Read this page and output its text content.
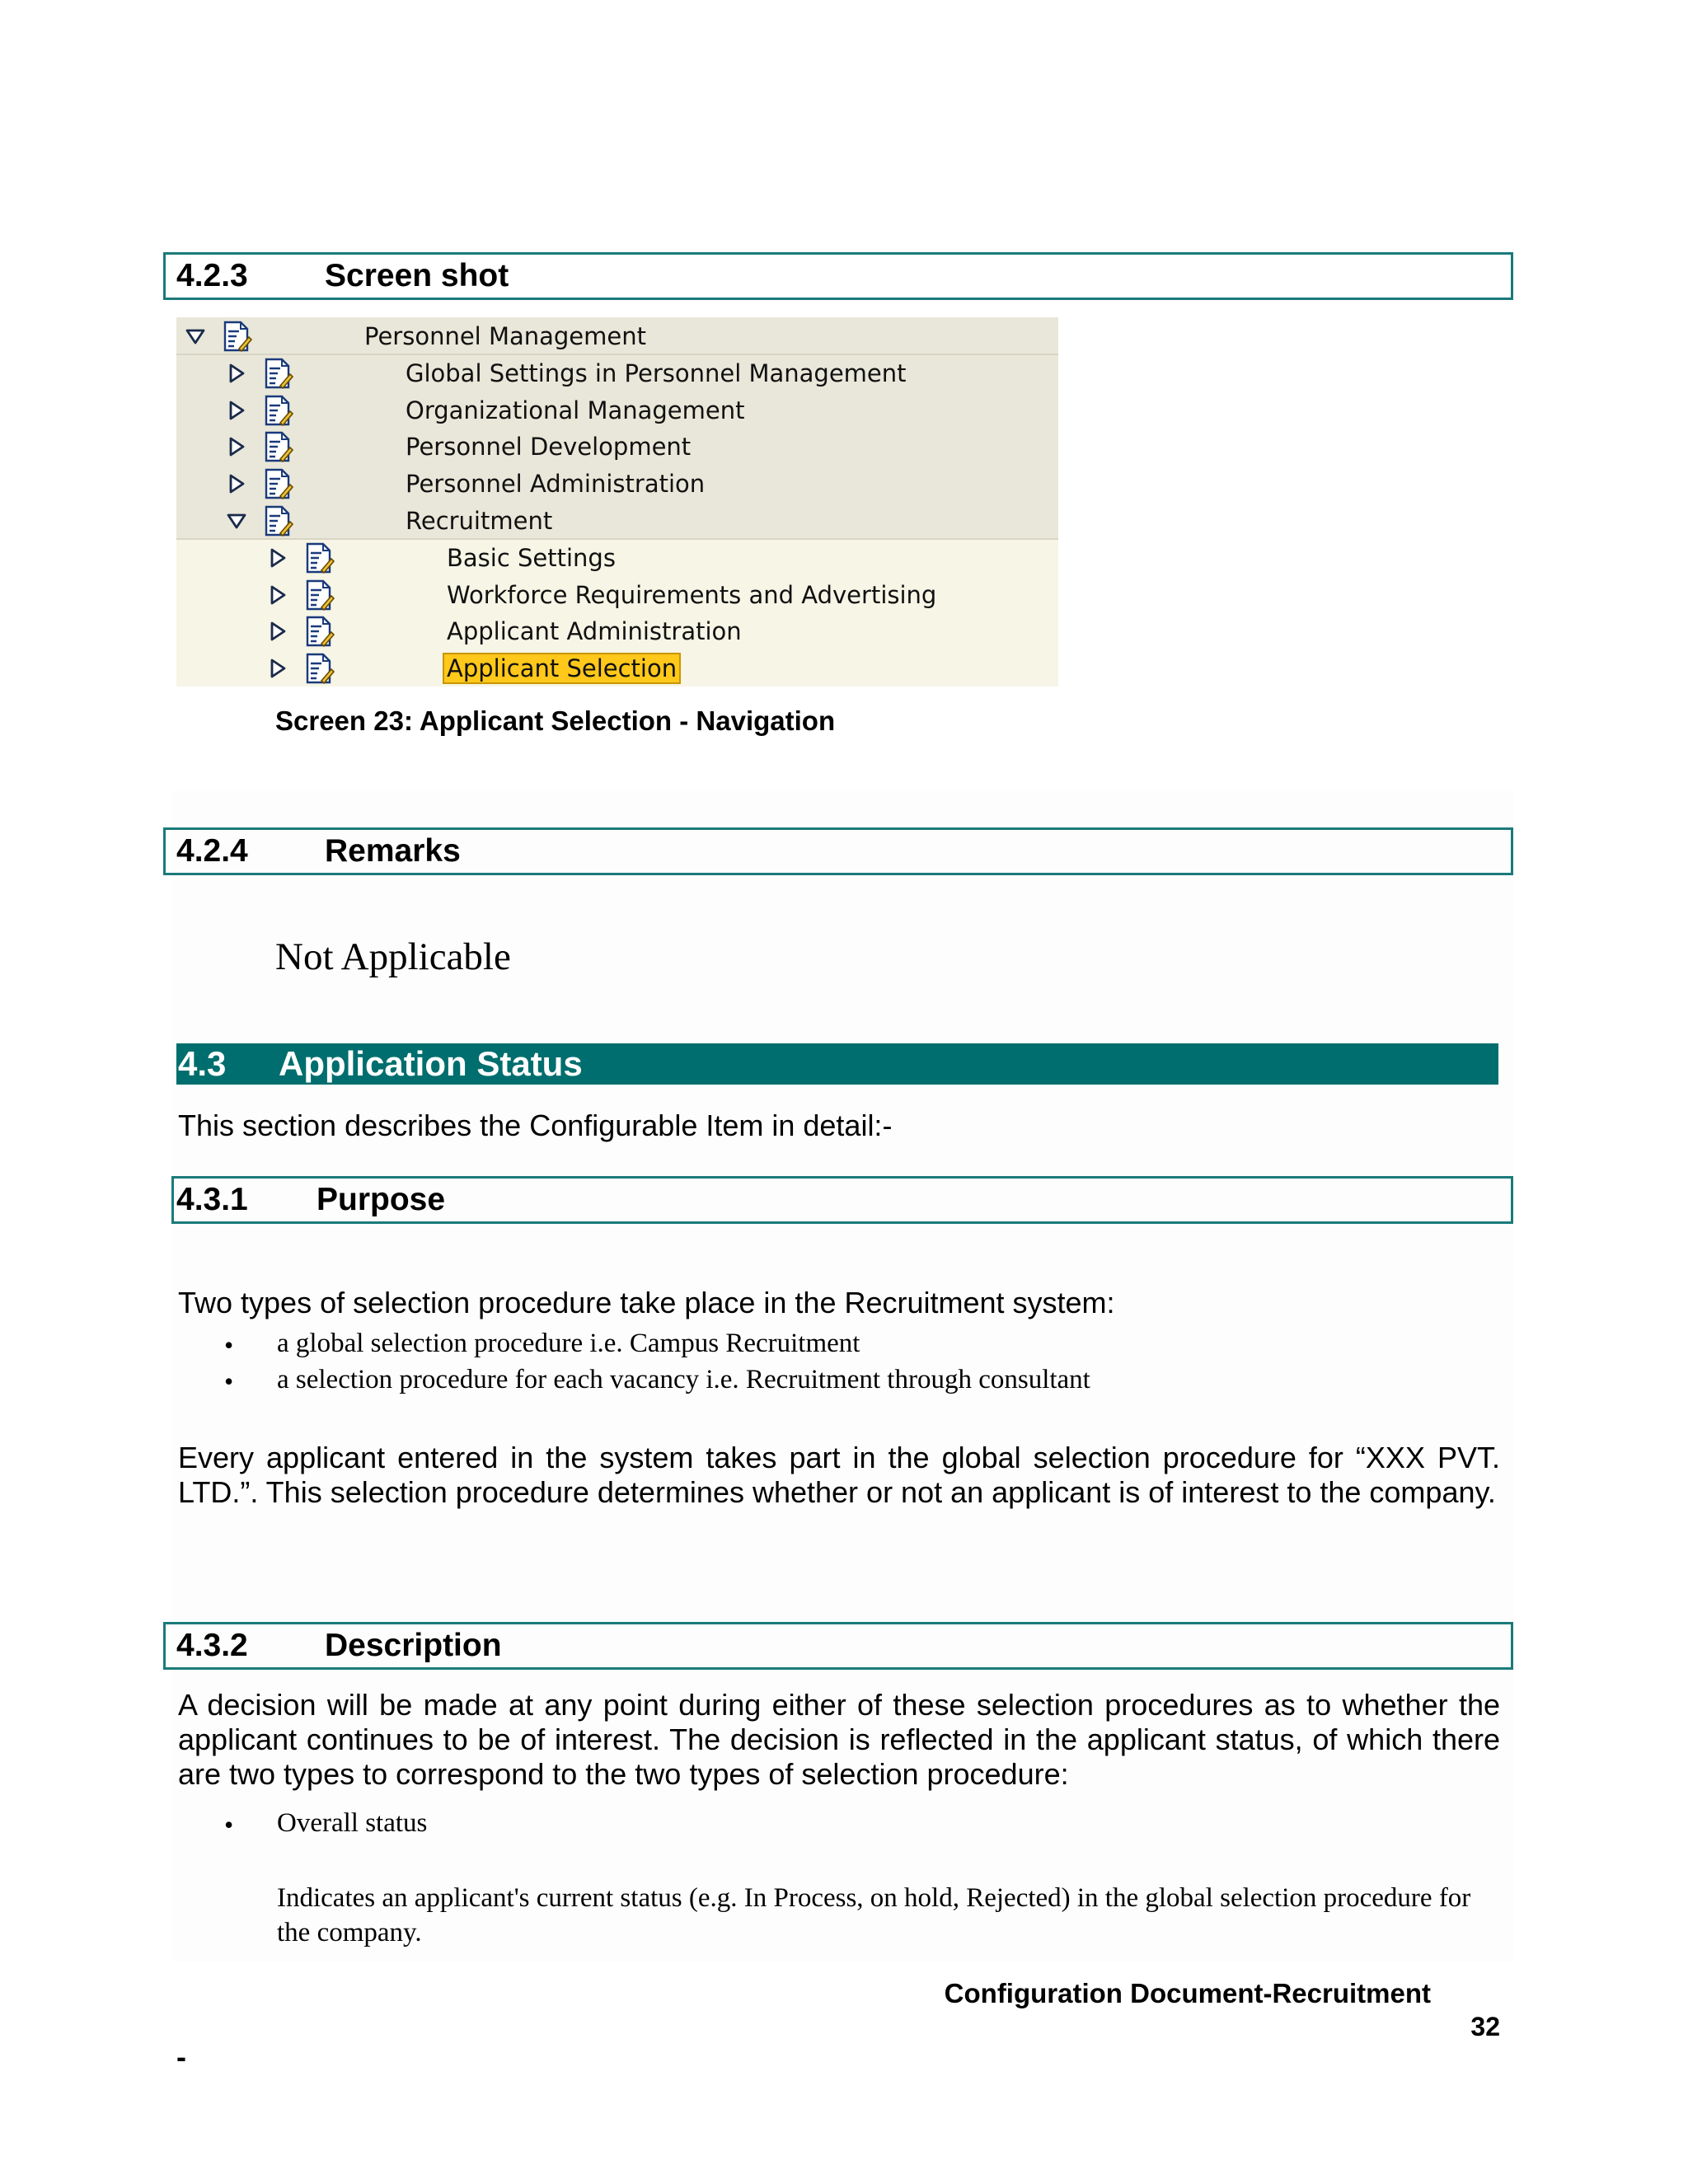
4.2.3	Screen shot
Personnel Management
Global Settings in Personnel Management
Organizational Management
Personnel Development
Personnel Administration
Recruitment
Basic Settings
Workforce Requirements and Advertising
Applicant Administration
Applicant Selection
Screen 23: Applicant Selection - Navigation
4.2.4	Remarks
Not Applicable
4.3	Application Status
This section describes the Configurable Item in detail:-
4.3.1	Purpose
Two types of selection procedure take place in the Recruitment system:
• a global selection procedure i.e. Campus Recruitment
• a selection procedure for each vacancy i.e. Recruitment through consultant
Every applicant entered in the system takes part in the global selection procedure for “XXX PVT. LTD.”. This selection procedure determines whether or not an applicant is of interest to the company.
4.3.2	Description
A decision will be made at any point during either of these selection procedures as to whether the applicant continues to be of interest. The decision is reflected in the applicant status, of which there are two types to correspond to the two types of selection procedure:
• Overall status
Indicates an applicant's current status (e.g. In Process, on hold, Rejected) in the global selection procedure for the company.
Configuration Document-Recruitment
32
-
